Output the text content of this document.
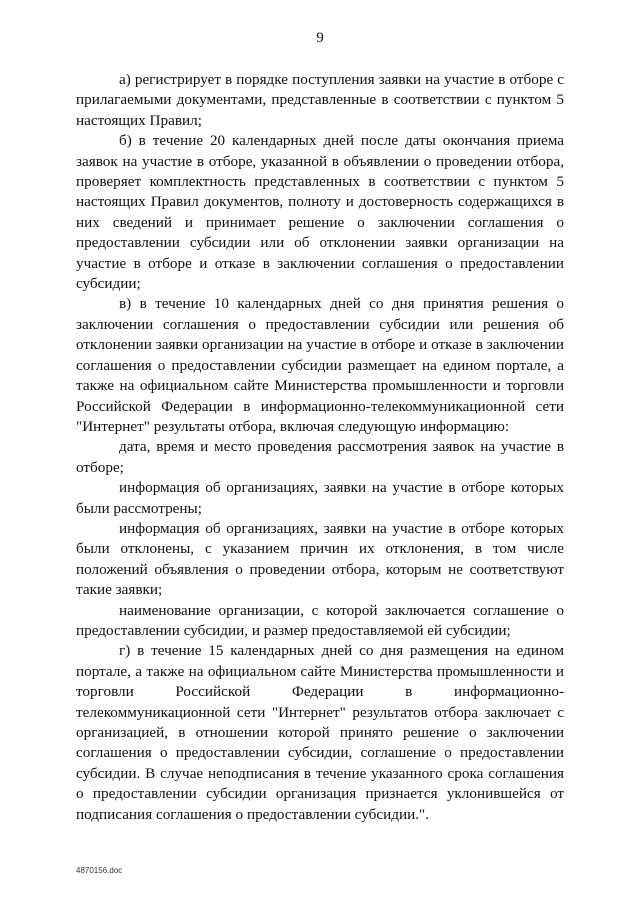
9

а) регистрирует в порядке поступления заявки на участие в отборе с прилагаемыми документами, представленные в соответствии с пунктом 5 настоящих Правил;

б) в течение 20 календарных дней после даты окончания приема заявок на участие в отборе, указанной в объявлении о проведении отбора, проверяет комплектность представленных в соответствии с пунктом 5 настоящих Правил документов, полноту и достоверность содержащихся в них сведений и принимает решение о заключении соглашения о предоставлении субсидии или об отклонении заявки организации на участие в отборе и отказе в заключении соглашения о предоставлении субсидии;

в) в течение 10 календарных дней со дня принятия решения о заключении соглашения о предоставлении субсидии или решения об отклонении заявки организации на участие в отборе и отказе в заключении соглашения о предоставлении субсидии размещает на едином портале, а также на официальном сайте Министерства промышленности и торговли Российской Федерации в информационно-телекоммуникационной сети "Интернет" результаты отбора, включая следующую информацию:

дата, время и место проведения рассмотрения заявок на участие в отборе;

информация об организациях, заявки на участие в отборе которых были рассмотрены;

информация об организациях, заявки на участие в отборе которых были отклонены, с указанием причин их отклонения, в том числе положений объявления о проведении отбора, которым не соответствуют такие заявки;

наименование организации, с которой заключается соглашение о предоставлении субсидии, и размер предоставляемой ей субсидии;

г) в течение 15 календарных дней со дня размещения на едином портале, а также на официальном сайте Министерства промышленности и торговли Российской Федерации в информационно-телекоммуникационной сети "Интернет" результатов отбора заключает с организацией, в отношении которой принято решение о заключении соглашения о предоставлении субсидии, соглашение о предоставлении субсидии. В случае неподписания в течение указанного срока соглашения о предоставлении субсидии организация признается уклонившейся от подписания соглашения о предоставлении субсидии.".

4870156.doc
